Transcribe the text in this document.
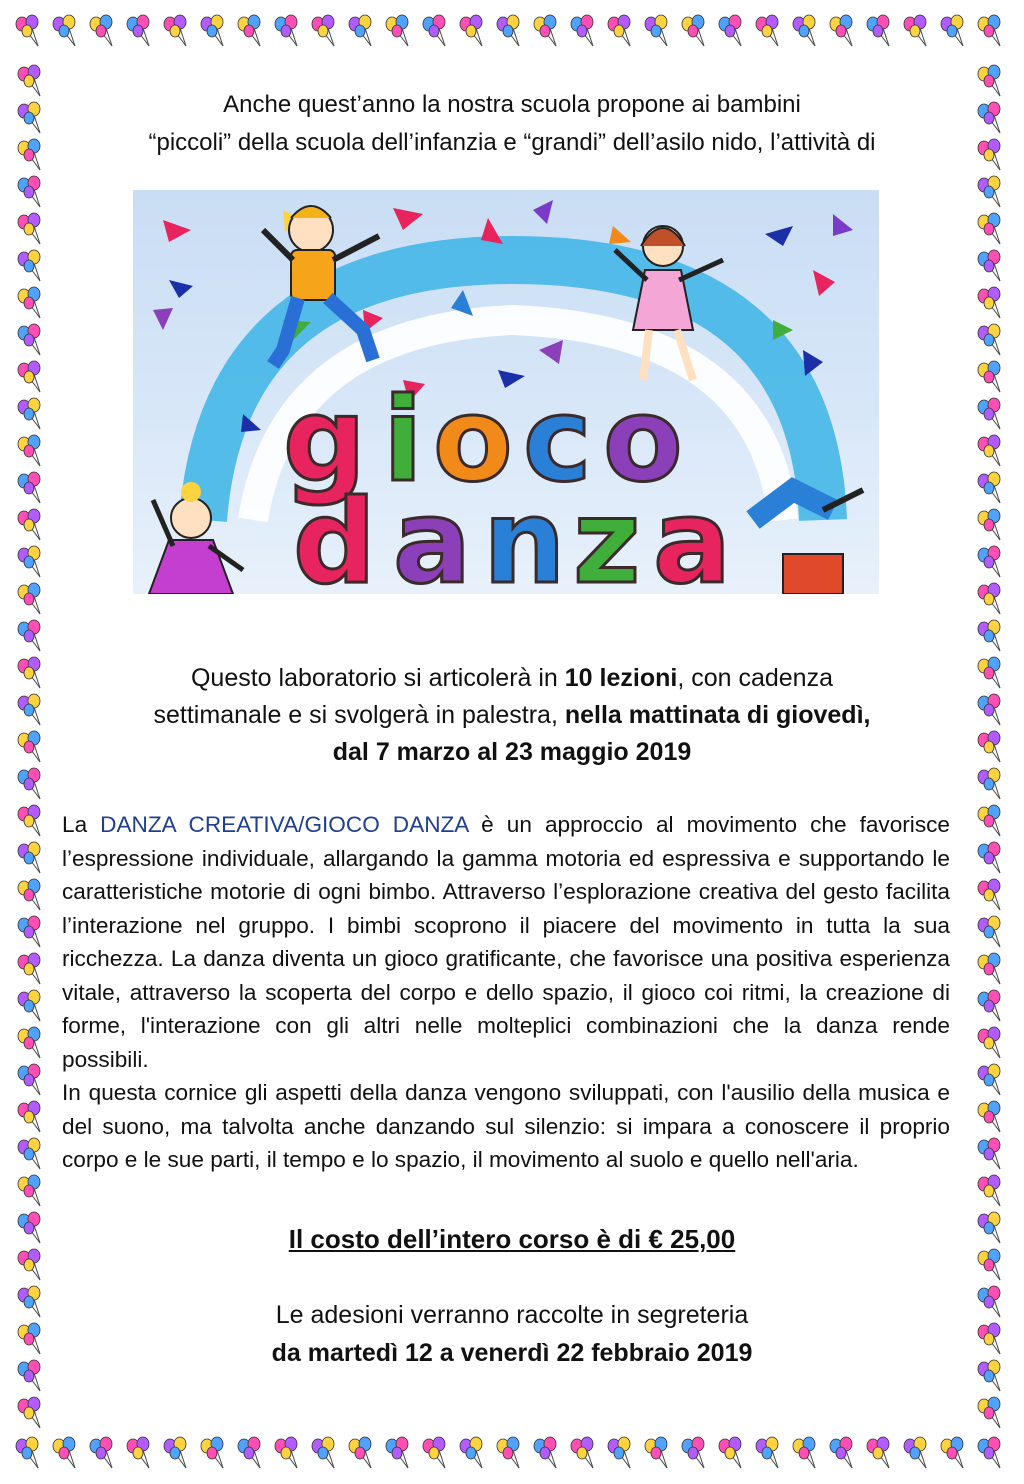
Anche quest’anno la nostra scuola propone ai bambini
“piccoli” della scuola dell’infanzia e “grandi” dell’asilo nido, l’attività di
g i o c o
d a n z a
Questo laboratorio si articolerà in 10 lezioni, con cadenza
settimanale e si svolgerà in palestra, nella mattinata di giovedì,
dal 7 marzo al 23 maggio 2019

La DANZA CREATIVA/GIOCO DANZA è un approccio al movimento che favorisce l’espressione individuale, allargando la gamma motoria ed espressiva e supportando le caratteristiche motorie di ogni bimbo. Attraverso l’esplorazione creativa del gesto facilita l’interazione nel gruppo. I bimbi scoprono il piacere del movimento in tutta la sua ricchezza. La danza diventa un gioco gratificante, che favorisce una positiva esperienza vitale, attraverso la scoperta del corpo e dello spazio, il gioco coi ritmi, la creazione di forme, l'interazione con gli altri nelle molteplici combinazioni che la danza rende possibili.

In questa cornice gli aspetti della danza vengono sviluppati, con l'ausilio della musica e del suono, ma talvolta anche danzando sul silenzio: si impara a conoscere il proprio corpo e le sue parti, il tempo e lo spazio, il movimento al suolo e quello nell'aria.

Il costo dell’intero corso è di € 25,00
Le adesioni verranno raccolte in segreteria
da martedì 12 a venerdì 22 febbraio 2019
